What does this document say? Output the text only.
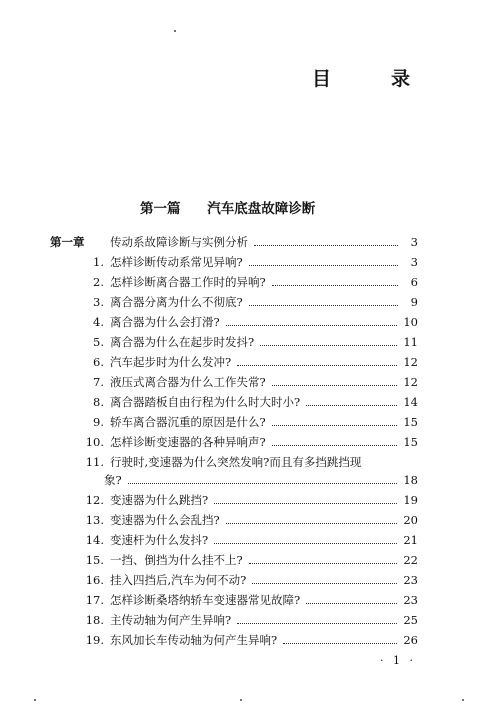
目	录
第一篇 汽车底盘故障诊断
第一章	传动系故障诊断与实例分析	3
1. 怎样诊断传动系常见异响?	3
2. 怎样诊断离合器工作时的异响?	6
3. 离合器分离为什么不彻底?	9
4. 离合器为什么会打滑?	10
5. 离合器为什么在起步时发抖?	11
6. 汽车起步时为什么发冲?	12
7. 液压式离合器为什么工作失常?	12
8. 离合器踏板自由行程为什么时大时小?	14
9. 轿车离合器沉重的原因是什么?	15
10. 怎样诊断变速器的各种异响声?	15
11. 行驶时,变速器为什么突然发响?而且有多挡跳挡现
象?	18
12. 变速器为什么跳挡?	19
13. 变速器为什么会乱挡?	20
14. 变速杆为什么发抖?	21
15. 一挡、倒挡为什么挂不上?	22
16. 挂入四挡后,汽车为何不动?	23
17. 怎样诊断桑塔纳轿车变速器常见故障?	23
18. 主传动轴为何产生异响?	25
19. 东风加长车传动轴为何产生异响?	26
· 1 ·
